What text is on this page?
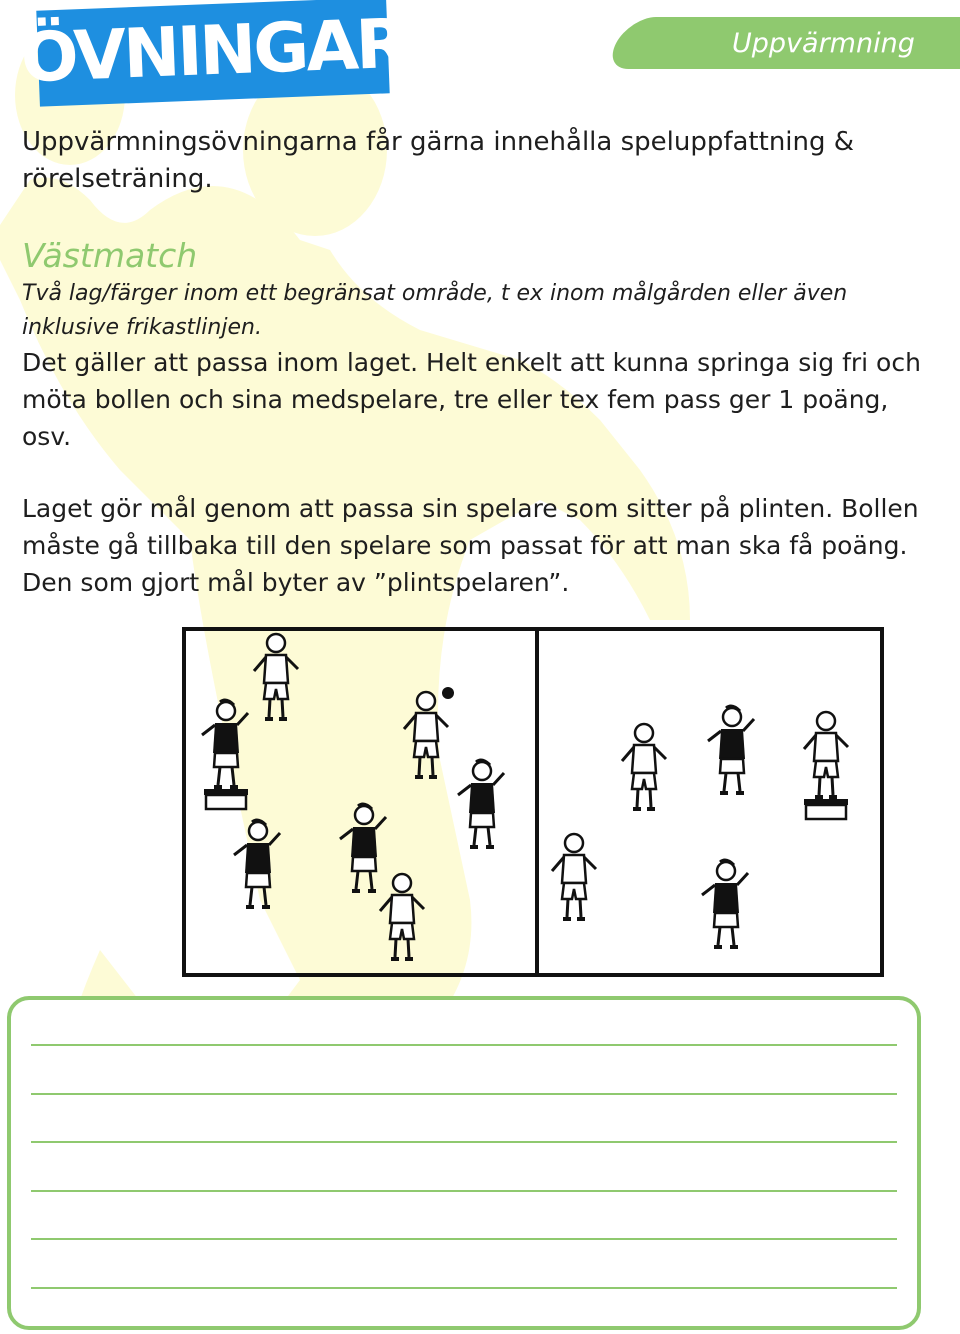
ÖVNINGAR	Uppvärmning

Uppvärmningsövningarna får gärna innehålla speluppfattning & rörelseträning.

Västmatch

Två lag/färger inom ett begränsat område, t ex inom målgården eller även inklusive frikastlinjen.

Det gäller att passa inom laget. Helt enkelt att kunna springa sig fri och möta bollen och sina medspelare, tre eller tex fem pass ger 1 poäng, osv.

Laget gör mål genom att passa sin spelare som sitter på plinten. Bollen måste gå tillbaka till den spelare som passat för att man ska få poäng. Den som gjort mål byter av ”plintspelaren”.
